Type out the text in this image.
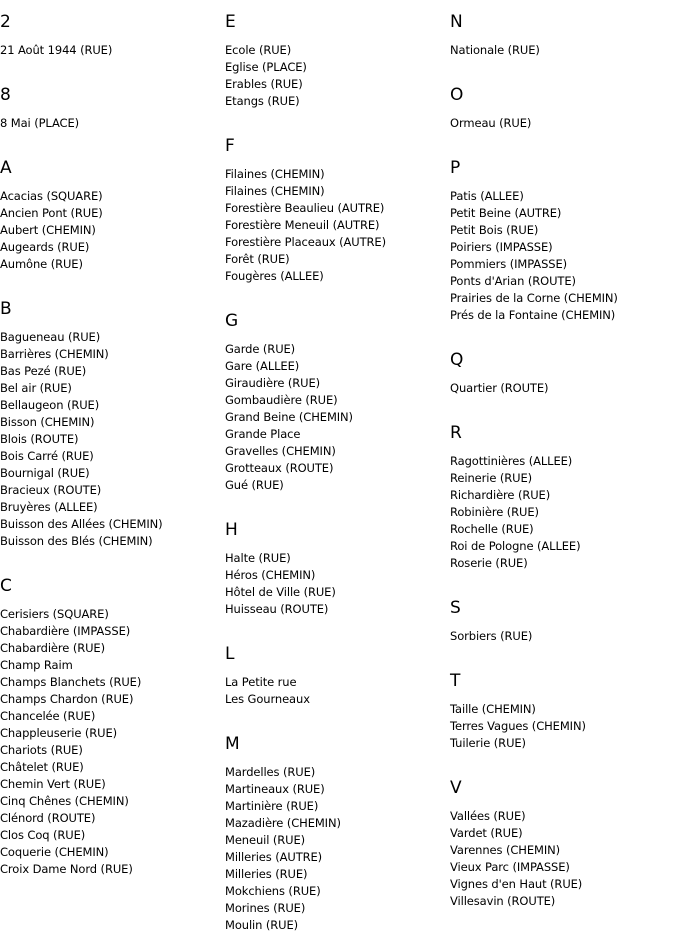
2
21 Août 1944 (RUE)
8
8 Mai (PLACE)
A
Acacias (SQUARE)
Ancien Pont (RUE)
Aubert (CHEMIN)
Augeards (RUE)
Aumône (RUE)
B
Bagueneau (RUE)
Barrières (CHEMIN)
Bas Pezé (RUE)
Bel air (RUE)
Bellaugeon (RUE)
Bisson (CHEMIN)
Blois (ROUTE)
Bois Carré (RUE)
Bournigal (RUE)
Bracieux (ROUTE)
Bruyères (ALLEE)
Buisson des Allées (CHEMIN)
Buisson des Blés (CHEMIN)
C
Cerisiers (SQUARE)
Chabardière (IMPASSE)
Chabardière (RUE)
Champ Raim
Champs Blanchets (RUE)
Champs Chardon (RUE)
Chancelée (RUE)
Chappleuserie (RUE)
Chariots (RUE)
Châtelet (RUE)
Chemin Vert (RUE)
Cinq Chênes (CHEMIN)
Clénord (ROUTE)
Clos Coq (RUE)
Coquerie (CHEMIN)
Croix Dame Nord (RUE)
E
Ecole (RUE)
Eglise (PLACE)
Erables (RUE)
Etangs (RUE)
F
Filaines (CHEMIN)
Filaines (CHEMIN)
Forestière Beaulieu (AUTRE)
Forestière Meneuil (AUTRE)
Forestière Placeaux (AUTRE)
Forêt (RUE)
Fougères (ALLEE)
G
Garde (RUE)
Gare (ALLEE)
Giraudière (RUE)
Gombaudière (RUE)
Grand Beine (CHEMIN)
Grande Place
Gravelles (CHEMIN)
Grotteaux (ROUTE)
Gué (RUE)
H
Halte (RUE)
Héros (CHEMIN)
Hôtel de Ville (RUE)
Huisseau (ROUTE)
L
La Petite rue
Les Gourneaux
M
Mardelles (RUE)
Martineaux (RUE)
Martinière (RUE)
Mazadière (CHEMIN)
Meneuil (RUE)
Milleries (AUTRE)
Milleries (RUE)
Mokchiens (RUE)
Morines (RUE)
Moulin (RUE)
N
Nationale (RUE)
O
Ormeau (RUE)
P
Patis (ALLEE)
Petit Beine (AUTRE)
Petit Bois (RUE)
Poiriers (IMPASSE)
Pommiers (IMPASSE)
Ponts d'Arian (ROUTE)
Prairies de la Corne (CHEMIN)
Prés de la Fontaine (CHEMIN)
Q
Quartier (ROUTE)
R
Ragottinières (ALLEE)
Reinerie (RUE)
Richardière (RUE)
Robinière (RUE)
Rochelle (RUE)
Roi de Pologne (ALLEE)
Roserie (RUE)
S
Sorbiers (RUE)
T
Taille (CHEMIN)
Terres Vagues (CHEMIN)
Tuilerie (RUE)
V
Vallées (RUE)
Vardet (RUE)
Varennes (CHEMIN)
Vieux Parc (IMPASSE)
Vignes d'en Haut (RUE)
Villesavin (ROUTE)
